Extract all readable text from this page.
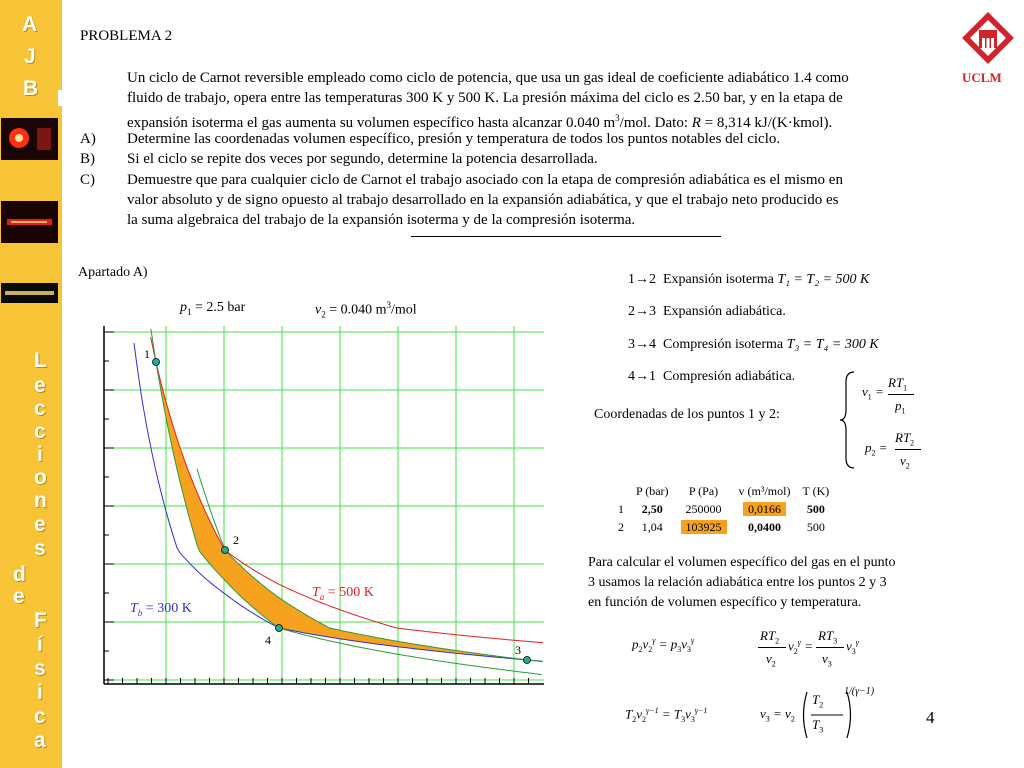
A
J
B
L
e
c
c
i
o
n
e
s
d
e
F
í
s
i
c
a
UCLM
PROBLEMA 2
Un ciclo de Carnot reversible empleado como ciclo de potencia, que usa un gas ideal de coeficiente adiabático 1.4 como
fluido de trabajo, opera entre las temperaturas 300 K y 500 K. La presión máxima del ciclo es 2.50 bar, y en la etapa de
expansión isoterma el gas aumenta su volumen específico hasta alcanzar 0.040 $m^3$/mol. Dato: R = 8,314 kJ/(K·kmol).
A) Determine las coordenadas volumen específico, presión y temperatura de todos los puntos notables del ciclo.
B) Si el ciclo se repite dos veces por segundo, determine la potencia desarrollada.
C) Demuestre que para cualquier ciclo de Carnot el trabajo asociado con la etapa de compresión adiabática es el mismo en
valor absoluto y de signo opuesto al trabajo desarrollado en la expansión adiabática, y que el trabajo neto producido es
la suma algebraica del trabajo de la expansión isoterma y de la compresión isoterma.
Apartado A)
$p_1 = 2.5$ bar	$v_2 = 0.040$ $m^3$/mol
1
2
3
4
$T_a = 500$ K
$T_b = 300$ K
1→2 Expansión isoterma T₁ = T₂ = 500 K
2→3 Expansión adiabática.
3→4 Compresión isoterma T₃ = T₄ = 300 K
4→1 Compresión adiabática.
$v_1$ =
$RT_1$
$p_1$
$p_2$ =
$RT_2$
$v_2$
Coordenadas de los puntos 1 y 2:
	P (bar)	P (Pa)	v (m³/mol)	T (K)
1	2,50	250000	0,0166	500
2	1,04	103925	0,0400	500
Para calcular el volumen específico del gas en el punto
3 usamos la relación adiabática entre los puntos 2 y 3
en función de volumen específico y temperatura.
$p_2v_2^\gamma = p_3v_3^\gamma$	$RT_2$
$v_2$
$v_2^\gamma$ =
$RT_3$
$v_3$
$v_3^\gamma$
$T_2v_2^{\gamma-1} = T_3v_3^{\gamma-1}$	$v_3 = v_2$
$T_2$
$T_3$
1/(γ−1)
4
